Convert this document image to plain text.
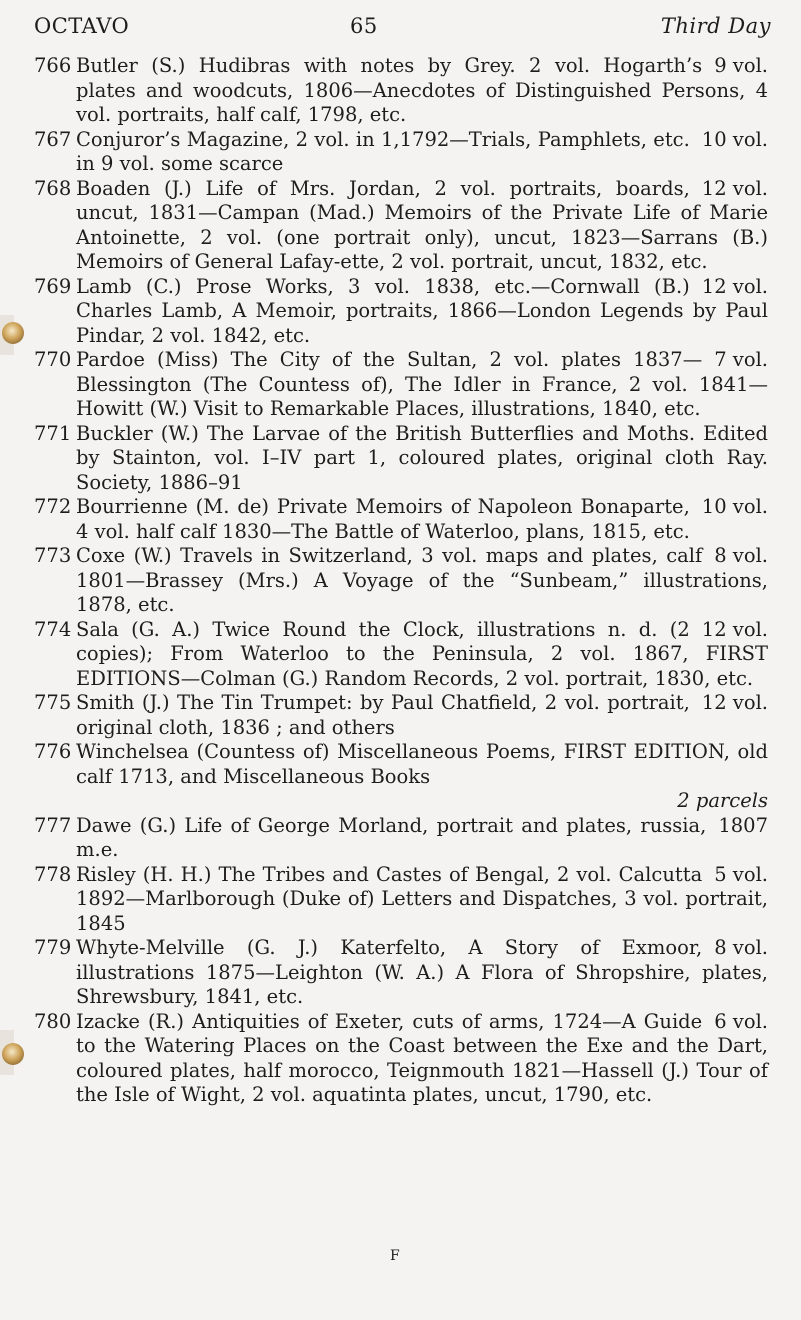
OCTAVO	65	Third Day
766	9 vol.
Butler (S.) Hudibras with notes by Grey. 2 vol. Hogarth’s plates and woodcuts, 1806—Anecdotes of Distinguished Persons, 4 vol. portraits, half calf, 1798, etc.
767	10 vol.
Conjuror’s Magazine, 2 vol. in 1,1792—Trials, Pamphlets, etc. in 9 vol. some scarce
768	12 vol.
Boaden (J.) Life of Mrs. Jordan, 2 vol. portraits, boards, uncut, 1831—Campan (Mad.) Memoirs of the Private Life of Marie Antoinette, 2 vol. (one portrait only), uncut, 1823—Sarrans (B.) Memoirs of General Lafay-ette, 2 vol. portrait, uncut, 1832, etc.
769	12 vol.
Lamb (C.) Prose Works, 3 vol. 1838, etc.—Cornwall (B.) Charles Lamb, A Memoir, portraits, 1866—London Legends by Paul Pindar, 2 vol. 1842, etc.
770	7 vol.
Pardoe (Miss) The City of the Sultan, 2 vol. plates 1837—Blessington (The Countess of), The Idler in France, 2 vol. 1841—Howitt (W.) Visit to Remarkable Places, illustrations, 1840, etc.
771 Buckler (W.) The Larvae of the British Butterflies and Moths. Edited by Stainton, vol. I–IV part 1, coloured plates, original cloth Ray. Society, 1886–91
772	10 vol.
Bourrienne (M. de) Private Memoirs of Napoleon Bonaparte, 4 vol. half calf 1830—The Battle of Waterloo, plans, 1815, etc.
773	8 vol.
Coxe (W.) Travels in Switzerland, 3 vol. maps and plates, calf 1801—Brassey (Mrs.) A Voyage of the “Sunbeam,” illustrations, 1878, etc.
774	12 vol.
Sala (G. A.) Twice Round the Clock, illustrations n. d. (2 copies); From Waterloo to the Peninsula, 2 vol. 1867, FIRST EDITIONS—Colman (G.) Random Records, 2 vol. portrait, 1830, etc.
775	12 vol.
Smith (J.) The Tin Trumpet: by Paul Chatfield, 2 vol. portrait, original cloth, 1836 ; and others
776 Winchelsea (Countess of) Miscellaneous Poems, FIRST EDITION, old calf 1713, and Miscellaneous Books
2 parcels
777	1807
Dawe (G.) Life of George Morland, portrait and plates, russia, m.e.
778	5 vol.
Risley (H. H.) The Tribes and Castes of Bengal, 2 vol. Calcutta 1892—Marlborough (Duke of) Letters and Dispatches, 3 vol. portrait, 1845
779	8 vol.
Whyte-Melville (G. J.) Katerfelto, A Story of Exmoor, illustrations 1875—Leighton (W. A.) A Flora of Shropshire, plates, Shrewsbury, 1841, etc.
780	6 vol.
Izacke (R.) Antiquities of Exeter, cuts of arms, 1724—A Guide to the Watering Places on the Coast between the Exe and the Dart, coloured plates, half morocco, Teignmouth 1821—Hassell (J.) Tour of the Isle of Wight, 2 vol. aquatinta plates, uncut, 1790, etc.
F
